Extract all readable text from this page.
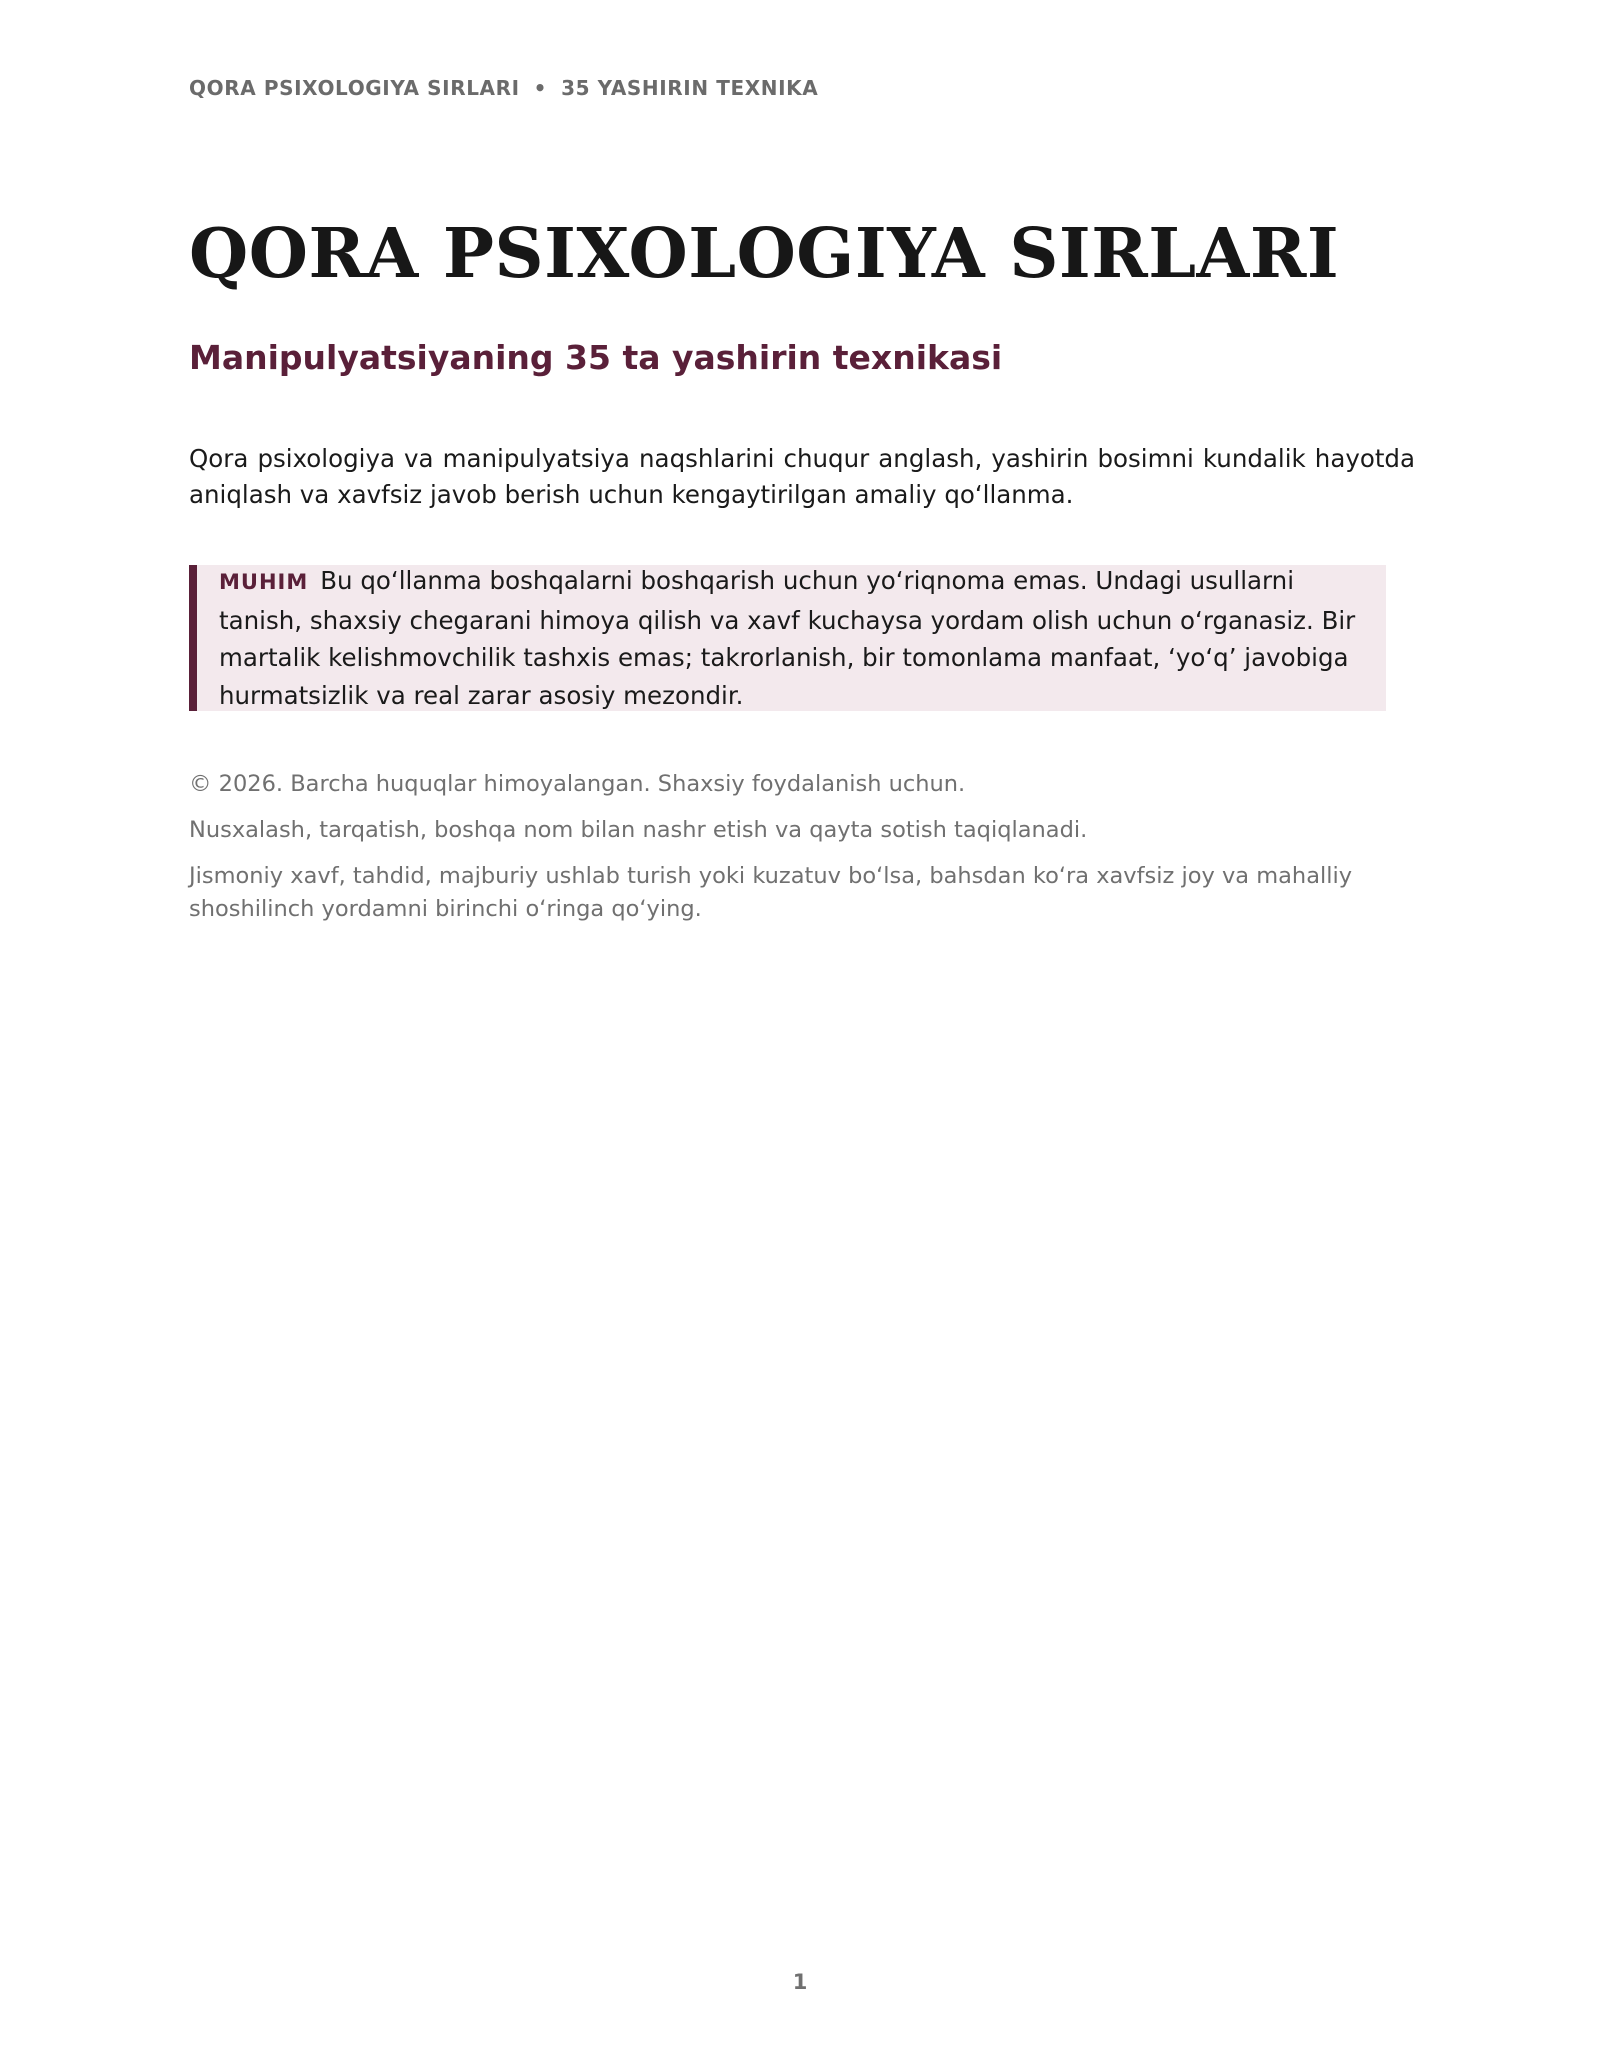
QORA PSIXOLOGIYA SIRLARI • 35 YASHIRIN TEXNIKA
QORA PSIXOLOGIYA SIRLARI
Manipulyatsiyaning 35 ta yashirin texnikasi

Qora psixologiya va manipulyatsiya naqshlarini chuqur anglash, yashirin bosimni kundalik hayotda aniqlash va xavfsiz javob berish uchun kengaytirilgan amaliy qo‘llanma.

MUHIM Bu qo‘llanma boshqalarni boshqarish uchun yo‘riqnoma emas. Undagi usullarni tanish, shaxsiy chegarani himoya qilish va xavf kuchaysa yordam olish uchun o‘rganasiz. Bir martalik kelishmovchilik tashxis emas; takrorlanish, bir tomonlama manfaat, ‘yo‘q’ javobiga hurmatsizlik va real zarar asosiy mezondir.

© 2026. Barcha huquqlar himoyalangan. Shaxsiy foydalanish uchun.

Nusxalash, tarqatish, boshqa nom bilan nashr etish va qayta sotish taqiqlanadi.

Jismoniy xavf, tahdid, majburiy ushlab turish yoki kuzatuv bo‘lsa, bahsdan ko‘ra xavfsiz joy va mahalliy shoshilinch yordamni birinchi o‘ringa qo‘ying.

1
